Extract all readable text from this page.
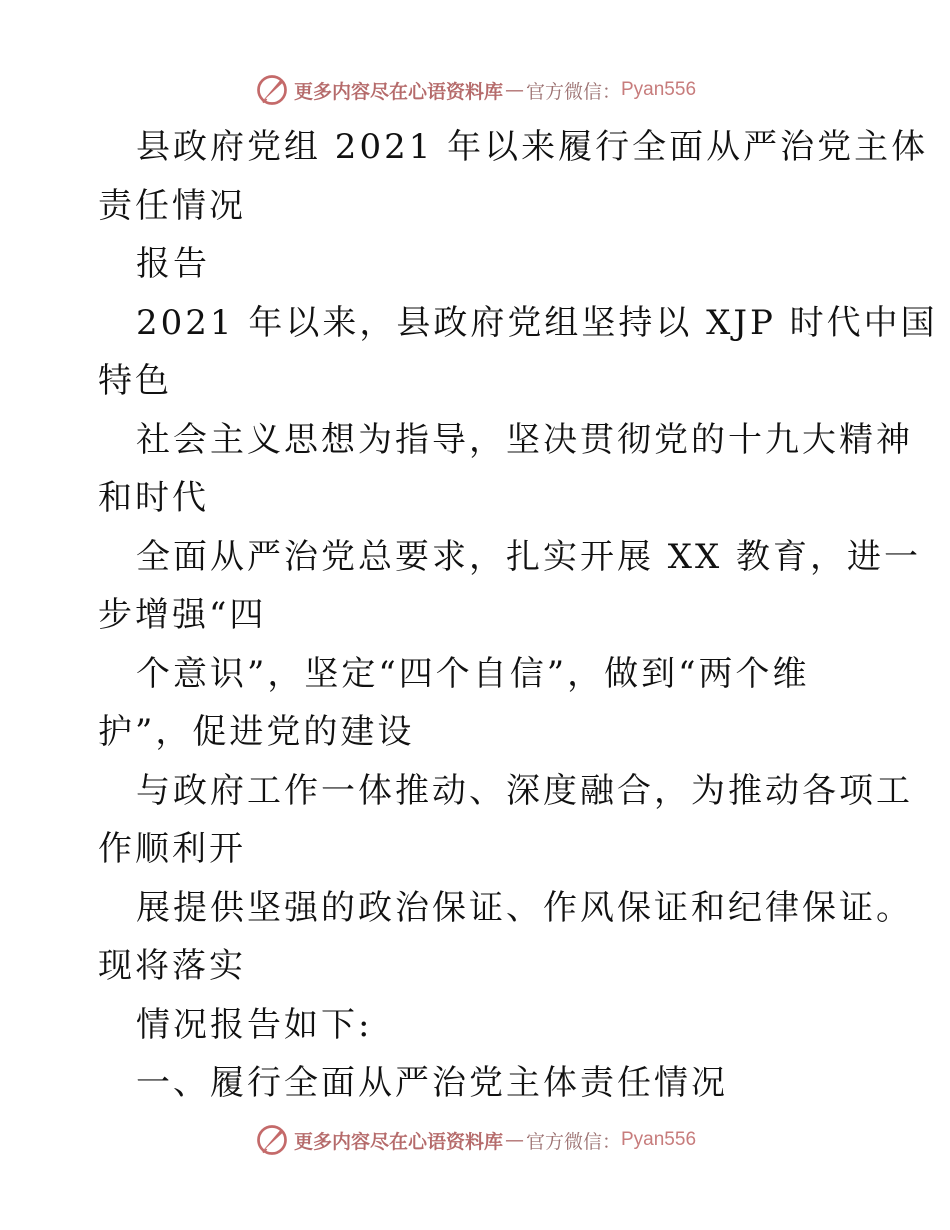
更多内容尽在心语资料库 — 官方微信： Pyan556
县政府党组 2021 年以来履行全面从严治党主体
责任情况
报告
2021 年以来，县政府党组坚持以 XJP 时代中国
特色
社会主义思想为指导，坚决贯彻党的十九大精神
和时代
全面从严治党总要求，扎实开展 XX 教育，进一
步增强“四
个意识”，坚定“四个自信”，做到“两个维
护”，促进党的建设
与政府工作一体推动、深度融合，为推动各项工
作顺利开
展提供坚强的政治保证、作风保证和纪律保证。
现将落实
情况报告如下:
一、履行全面从严治党主体责任情况
更多内容尽在心语资料库 — 官方微信： Pyan556
